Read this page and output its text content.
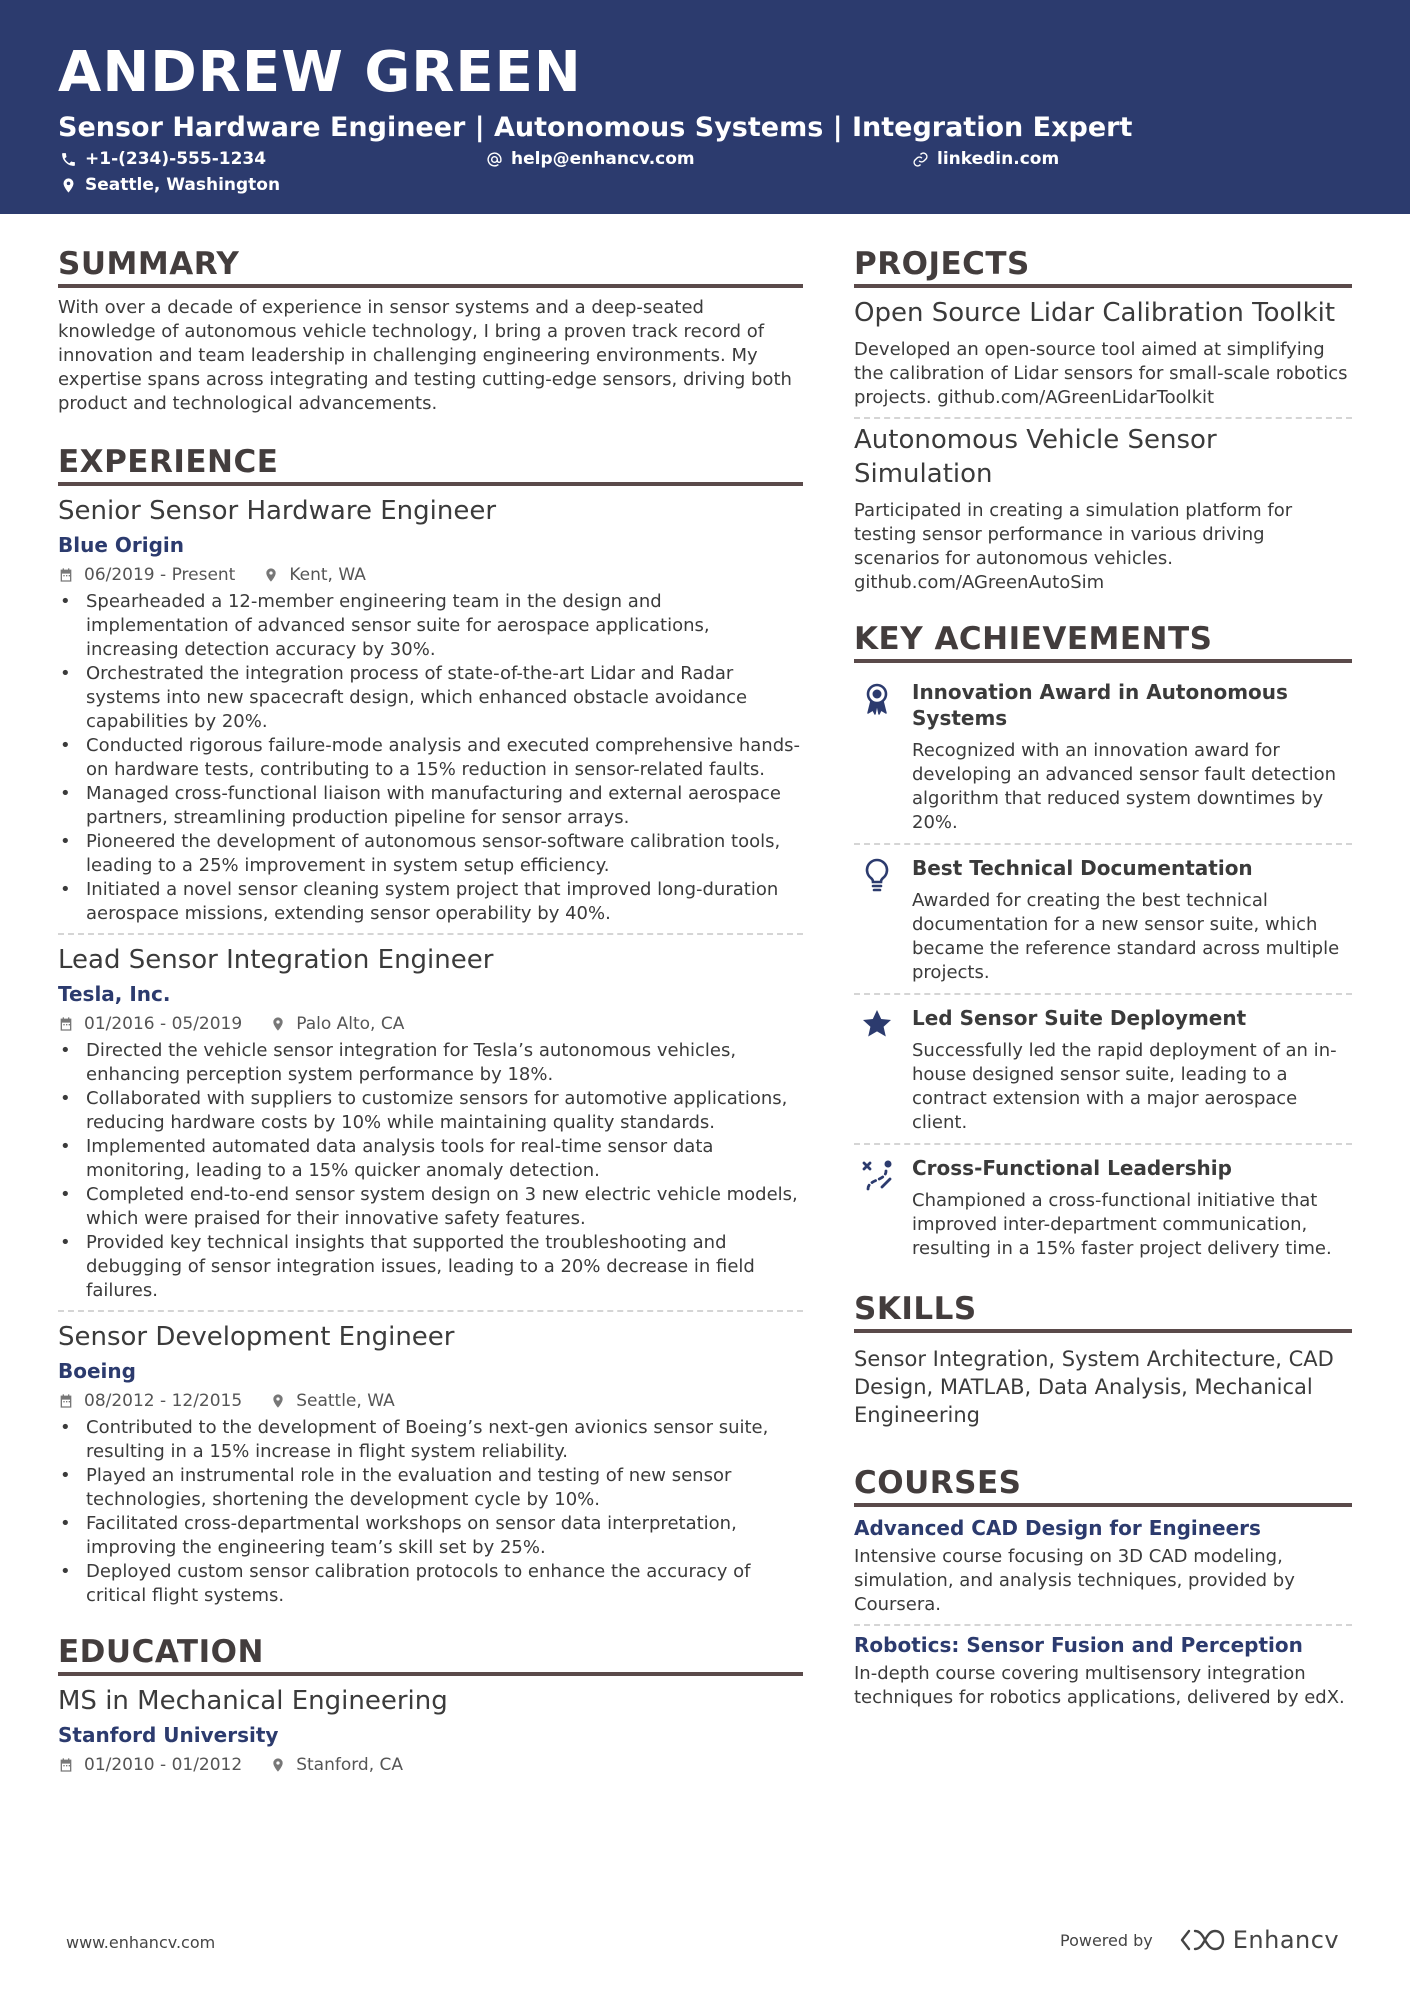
ANDREW GREEN
Sensor Hardware Engineer | Autonomous Systems | Integration Expert
+1-(234)-555-1234	help@enhancv.com	linkedin.com
Seattle, Washington
SUMMARY
With over a decade of experience in sensor systems and a deep-seated knowledge of autonomous vehicle technology, I bring a proven track record of innovation and team leadership in challenging engineering environments. My expertise spans across integrating and testing cutting-edge sensors, driving both product and technological advancements.
EXPERIENCE
Senior Sensor Hardware Engineer
Blue Origin
06/2019 - Present	Kent, WA
• Spearheaded a 12-member engineering team in the design and implementation of advanced sensor suite for aerospace applications, increasing detection accuracy by 30%.
• Orchestrated the integration process of state-of-the-art Lidar and Radar systems into new spacecraft design, which enhanced obstacle avoidance capabilities by 20%.
• Conducted rigorous failure-mode analysis and executed comprehensive hands-on hardware tests, contributing to a 15% reduction in sensor-related faults.
• Managed cross-functional liaison with manufacturing and external aerospace partners, streamlining production pipeline for sensor arrays.
• Pioneered the development of autonomous sensor-software calibration tools, leading to a 25% improvement in system setup efficiency.
• Initiated a novel sensor cleaning system project that improved long-duration aerospace missions, extending sensor operability by 40%.
Lead Sensor Integration Engineer
Tesla, Inc.
01/2016 - 05/2019	Palo Alto, CA
• Directed the vehicle sensor integration for Tesla’s autonomous vehicles, enhancing perception system performance by 18%.
• Collaborated with suppliers to customize sensors for automotive applications, reducing hardware costs by 10% while maintaining quality standards.
• Implemented automated data analysis tools for real-time sensor data monitoring, leading to a 15% quicker anomaly detection.
• Completed end-to-end sensor system design on 3 new electric vehicle models, which were praised for their innovative safety features.
• Provided key technical insights that supported the troubleshooting and debugging of sensor integration issues, leading to a 20% decrease in field failures.
Sensor Development Engineer
Boeing
08/2012 - 12/2015	Seattle, WA
• Contributed to the development of Boeing’s next-gen avionics sensor suite, resulting in a 15% increase in flight system reliability.
• Played an instrumental role in the evaluation and testing of new sensor technologies, shortening the development cycle by 10%.
• Facilitated cross-departmental workshops on sensor data interpretation, improving the engineering team’s skill set by 25%.
• Deployed custom sensor calibration protocols to enhance the accuracy of critical flight systems.
EDUCATION
MS in Mechanical Engineering
Stanford University
01/2010 - 01/2012	Stanford, CA
PROJECTS
Open Source Lidar Calibration Toolkit
Developed an open-source tool aimed at simplifying the calibration of Lidar sensors for small-scale robotics projects. github.com/AGreenLidarToolkit
Autonomous Vehicle Sensor Simulation
Participated in creating a simulation platform for testing sensor performance in various driving scenarios for autonomous vehicles. github.com/AGreenAutoSim
KEY ACHIEVEMENTS
Innovation Award in Autonomous Systems
Recognized with an innovation award for developing an advanced sensor fault detection algorithm that reduced system downtimes by 20%.
Best Technical Documentation
Awarded for creating the best technical documentation for a new sensor suite, which became the reference standard across multiple projects.
Led Sensor Suite Deployment
Successfully led the rapid deployment of an in-house designed sensor suite, leading to a contract extension with a major aerospace client.
Cross-Functional Leadership
Championed a cross-functional initiative that improved inter-department communication, resulting in a 15% faster project delivery time.
SKILLS
Sensor Integration, System Architecture, CAD Design, MATLAB, Data Analysis, Mechanical Engineering
COURSES
Advanced CAD Design for Engineers
Intensive course focusing on 3D CAD modeling, simulation, and analysis techniques, provided by Coursera.
Robotics: Sensor Fusion and Perception
In-depth course covering multisensory integration techniques for robotics applications, delivered by edX.
www.enhancv.com	Powered by	Enhancv
